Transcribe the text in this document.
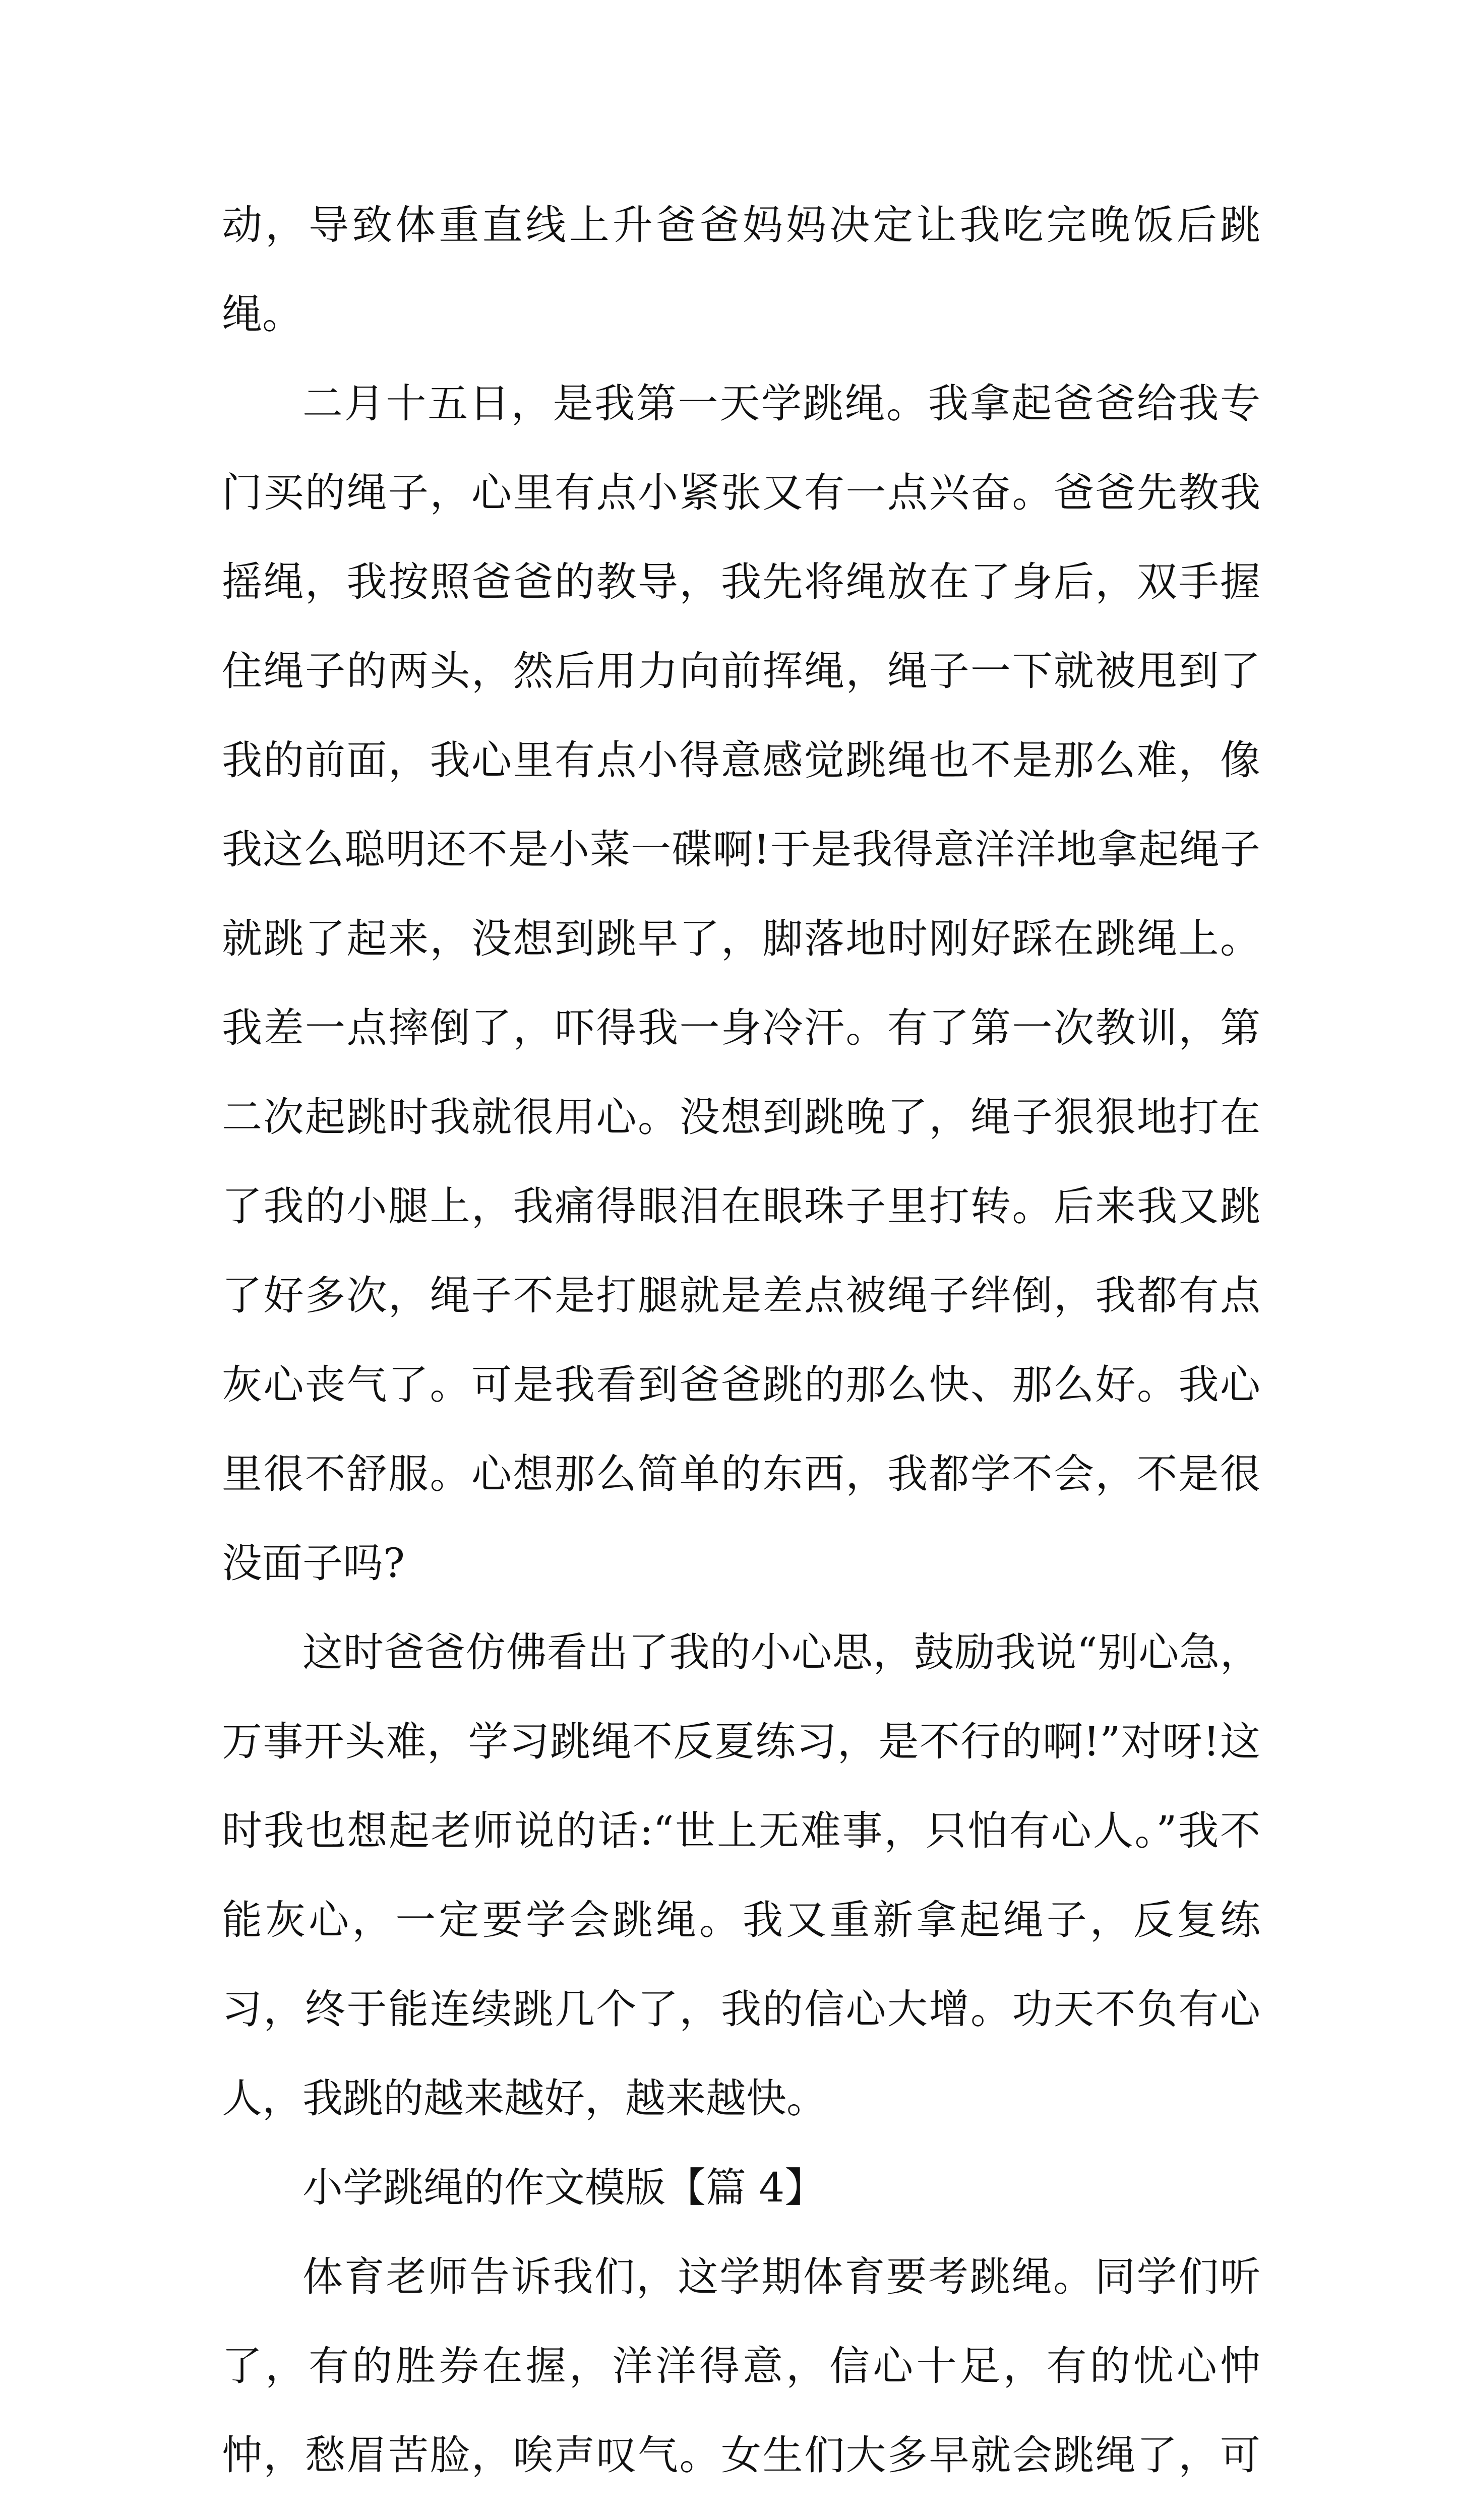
动，导致体重直线上升爸爸妈妈决定让我吃完晚饭后跳绳。

二月十五日，是我第一天学跳绳。我拿起爸爸给我专门买的绳子，心里有点小紧张又有一点兴奋。爸爸先教我摇绳，我按照爸爸的教导，我先将绳放在了身后，双手握住绳子的两头，然后用力向前挥绳，绳子一下就被甩到了我的前面，我心里有点小得意感觉跳绳也不是那么难，像我这么聪明还不是小菜一碟啊!于是我得意洋洋地拿起绳子就跳了起来，没想到跳早了，脚落地时刚好踩在跳绳上。我差一点摔倒了，吓得我一身冷汗。有了第一次教训，第二次起跳时我就很用心。没想到跳晚了，绳子狠狠地打在了我的小腿上，我痛得眼泪在眼珠子里打转。后来我又跳了好多次，绳子不是打腿就是差点被绳子绊倒，我都有点灰心丧气了。可是我看到爸爸跳的那么快、那么好。我心里很不舒服。心想那么简单的东西，我都学不会，不是很没面子吗?

这时爸爸仿佛看出了我的小心思，鼓励我说“别心急，万事开头难，学习跳绳不反夏练习，是不行的啊!”对呀!这时我也想起老师说的话:“世上无难事，只怕有心人。”我不能灰心，一定要学会跳绳。我又重新拿起绳子，反复练习，终于能连续跳几个了，我的信心大增。功天不负有心人，我跳的越来越好，越来越快。

小学跳绳的作文模版【篇 4】

体育老师告诉我们，这学期体育要考跳绳。同学们听了，有的胜券在握，洋洋得意，信心十足，有的忧心忡忡，愁眉苦脸，唉声叹气。女生们大多早就会跳绳了，可
